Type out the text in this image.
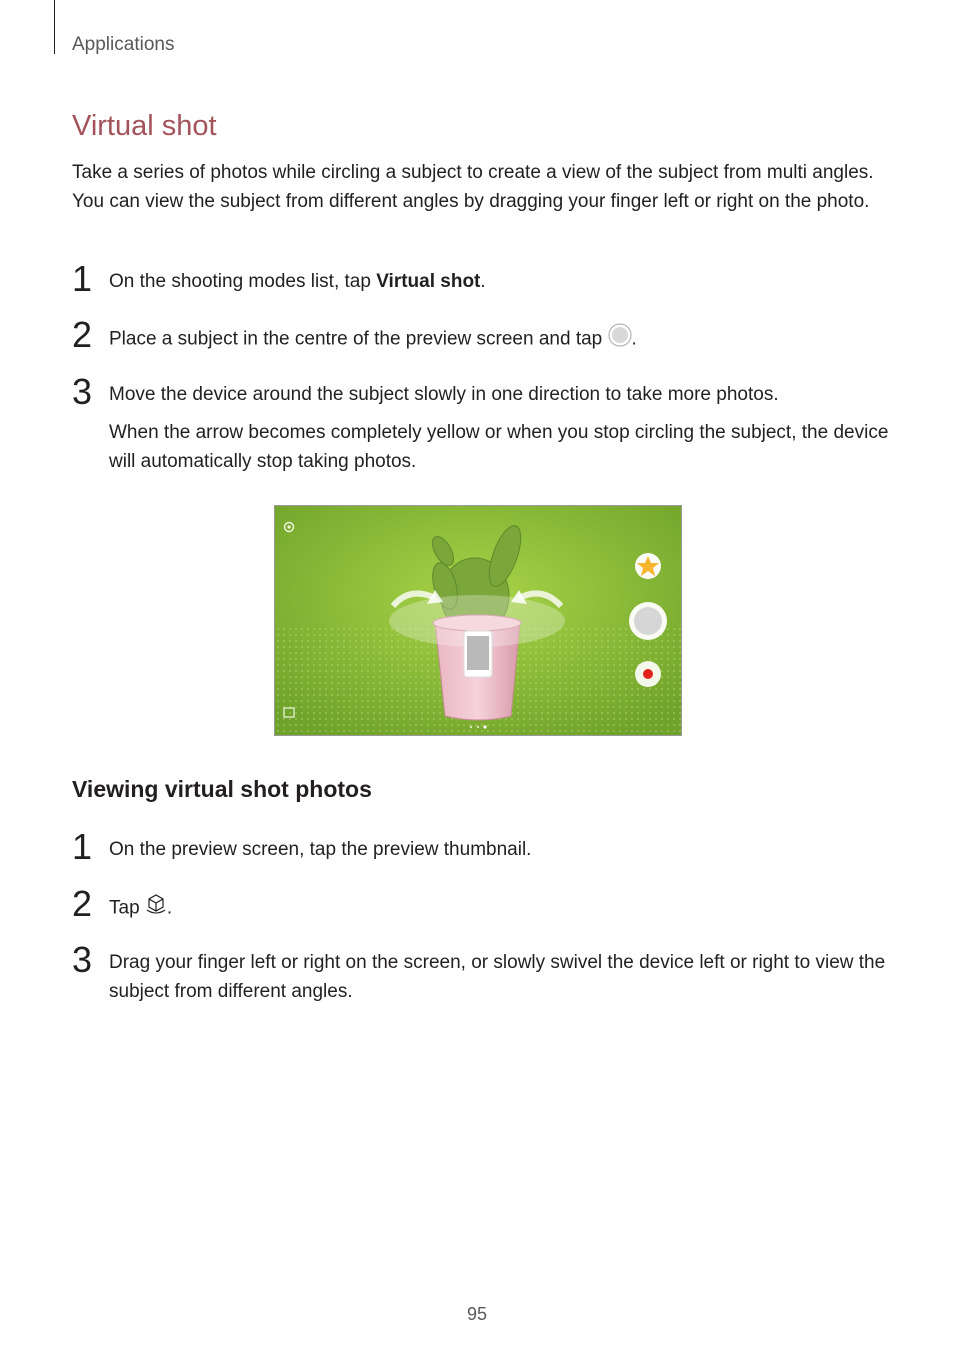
Applications
Virtual shot

Take a series of photos while circling a subject to create a view of the subject from multi angles. You can view the subject from different angles by dragging your finger left or right on the photo.

1 On the shooting modes list, tap Virtual shot.
2 Place a subject in the centre of the preview screen and tap .
3 Move the device around the subject slowly in one direction to take more photos.

When the arrow becomes completely yellow or when you stop circling the subject, the device will automatically stop taking photos.

Viewing virtual shot photos
1 On the preview screen, tap the preview thumbnail.
2 Tap .
3 Drag your finger left or right on the screen, or slowly swivel the device left or right to view the subject from different angles.
95
